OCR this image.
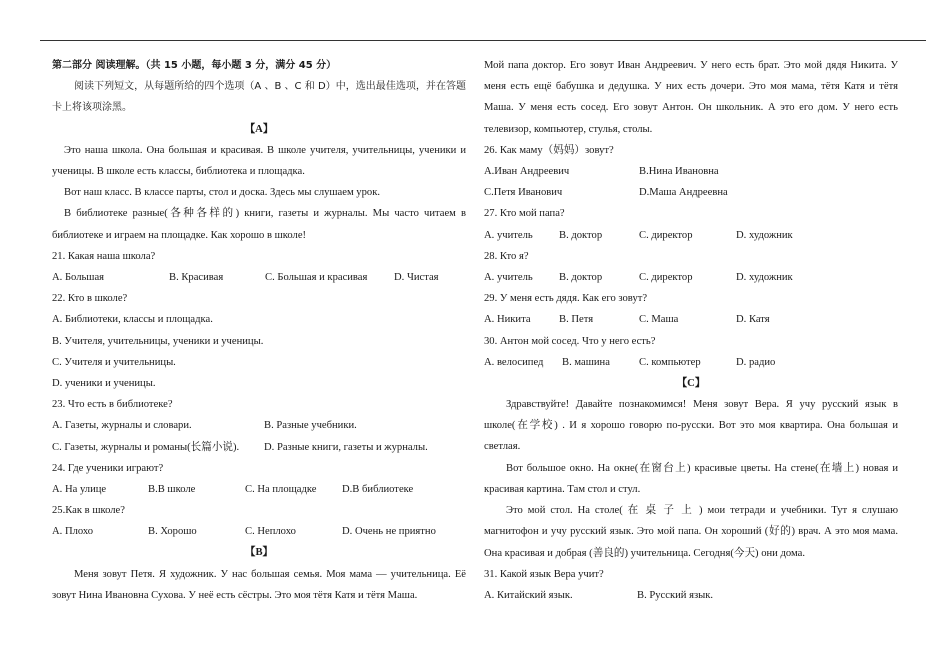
第二部分 阅读理解。（共 15 小题，每小题 3 分，满分 45 分）
阅读下列短文，从每题所给的四个选项（A 、B 、C 和 D）中，选出最佳选项，并在答题卡上将该项涂黑。
【A】
Это наша школа. Она большая и красивая. В школе учителя, учительницы, ученики и ученицы. В школе есть классы, библиотека и площадка.
Вот наш класс. В классе парты, стол и доска. Здесь мы слушаем урок.
В библиотеке разные(各种各样的) книги, газеты и журналы. Мы часто читаем в библиотеке и играем на площадке. Как хорошо в школе!
21. Какая наша школа?
A. Большая	B. Красивая	C. Большая и красивая	D. Чистая
22. Кто в школе?
A. Библиотеки, классы и площадка.
B. Учителя, учительницы, ученики и ученицы.
C. Учителя и учительницы.
D. ученики и ученицы.
23. Что есть в библиотеке?
A. Газеты, журналы и словари.	B. Разные учебники.
C. Газеты, журналы и романы(长篇小说). D. Разные книги, газеты и журналы.
24. Где ученики играют?
A. На улице	B.В школе	C. На площадке D.В библиотеке
25.Как в школе?
A. Плохо	B. Хорошо	C. Неплохо	D. Очень не приятно
【B】
Меня зовут Петя. Я художник. У нас большая семья. Моя мама — учительница. Её зовут Нина Ивановна Сухова. У неё есть сёстры. Это моя тётя Катя и тётя Маша.
Мой папа доктор. Его зовут Иван Андреевич. У него есть брат. Это мой дядя Никита. У меня есть ещё бабушка и дедушка. У них есть дочери. Это моя мама, тётя Катя и тётя Маша. У меня есть сосед. Его зовут Антон. Он школьник. А это его дом. У него есть телевизор, компьютер, стулья, столы.
26. Как маму（妈妈）зовут?
A.Иван Андреевич	B.Нина Ивановна
C.Петя Иванович	D.Маша Андреевна
27. Кто мой папа?
A. учитель B. доктор	C. директор	D. художник
28. Кто я?
A. учитель B. доктор	C. директор	D. художник
29. У меня есть дядя. Как его зовут?
A. Никита	B. Петя	C. Маша	D. Катя
30. Антон мой сосед. Что у него есть?
A. велосипед B. машина	C. компьютер	D. радио
【C】
Здравствуйте! Давайте познакомимся! Меня зовут Вера. Я учу русский язык в школе(在学校) . И я хорошо говорю по-русски. Вот это моя квартира. Она большая и светлая.
Вот большое окно. На окне(在窗台上) красивые цветы. На стене(在墙上) новая и красивая картина. Там стол и стул.
Это мой стол. На столе( 在 桌 子 上 ) мои тетради и учебники. Тут я слушаю магнитофон и учу русский язык. Это мой папа. Он хороший (好的) врач. А это моя мама. Она красивая и добрая (善良的) учительница. Сегодня(今天) они дома.
31. Какой язык Вера учит?
A. Китайский язык.	B. Русский язык.
